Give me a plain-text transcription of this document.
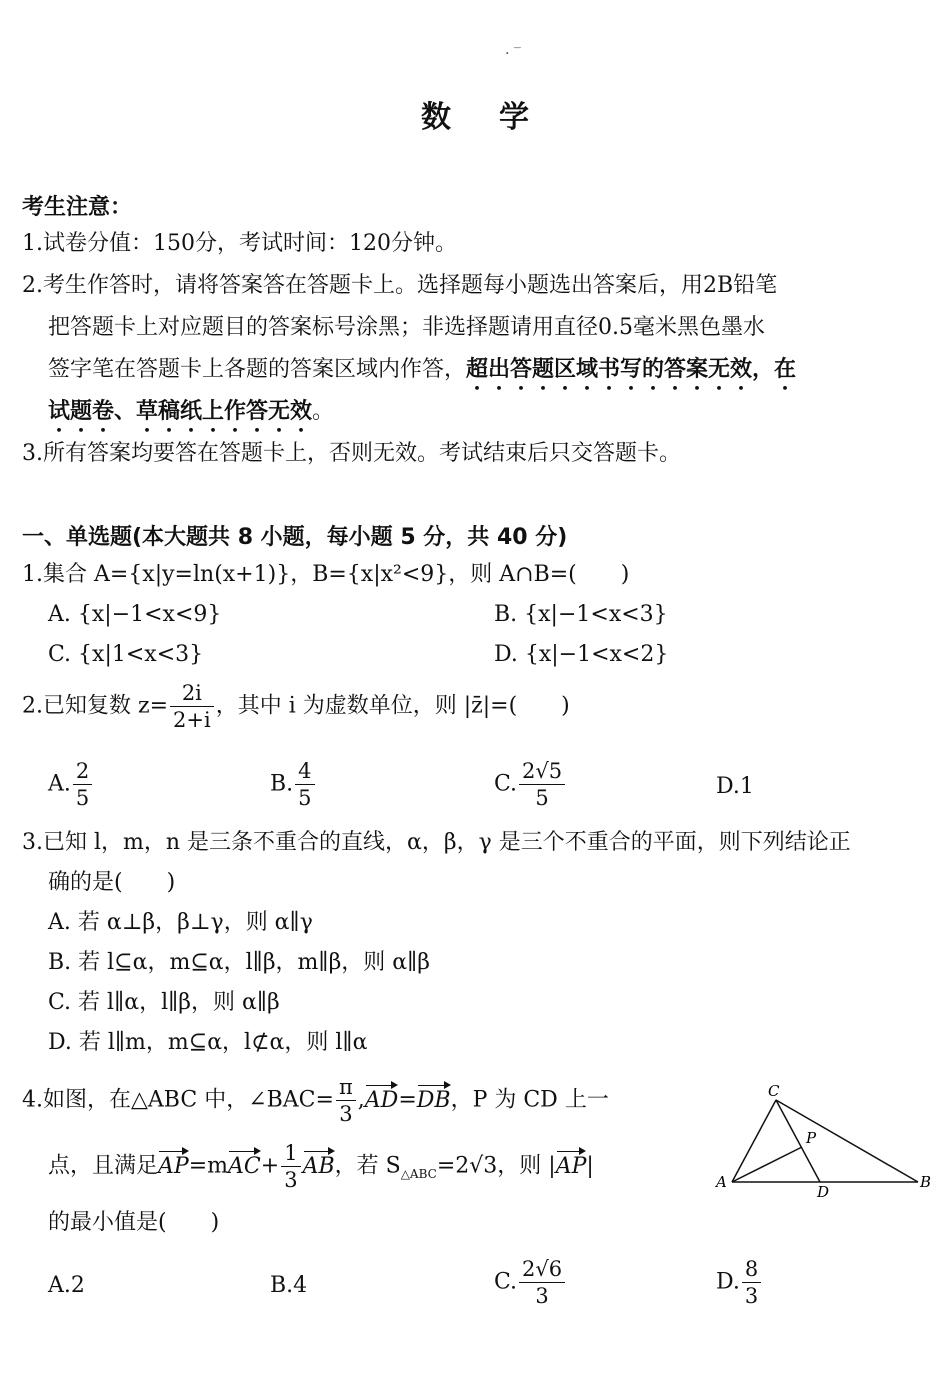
· ‾
数学
考生注意：
1.试卷分值：150分，考试时间：120分钟。
2.考生作答时，请将答案答在答题卡上。选择题每小题选出答案后，用2B铅笔
把答题卡上对应题目的答案标号涂黑；非选择题请用直径0.5毫米黑色墨水
签字笔在答题卡上各题的答案区域内作答，超出答题区域书写的答案无效，在
试题卷、草稿纸上作答无效。
3.所有答案均要答在答题卡上，否则无效。考试结束后只交答题卡。
一、单选题(本大题共 8 小题，每小题 5 分，共 40 分)
1.集合 A={x|y=ln(x+1)}，B={x|x²<9}，则 A∩B=(　　)
A. {x|−1<x<9}	B. {x|−1<x<3}
C. {x|1<x<3}	D. {x|−1<x<2}
2.已知复数 $z= \frac{2i}{2+i}$ ，其中 i 为虚数单位，则 |z̄|=(　　)
A. $\frac{2}{5}$	B. $\frac{4}{5}$	C. $\frac{2√5}{5}$	D.1
3.已知 l，m，n 是三条不重合的直线，α，β，γ 是三个不重合的平面，则下列结论正
确的是(　　)
A. 若 α⊥β，β⊥γ，则 α∥γ
B. 若 l⊆α，m⊆α，l∥β，m∥β，则 α∥β
C. 若 l∥α，l∥β，则 α∥β
D. 若 l∥m，m⊆α，l⊄α，则 l∥α
4.如图，在△ABC 中，∠BAC= $\frac{\pi}{3} ,AD=DB$，P 为 CD 上一
点，且满足$AP=mAC+ \frac{1}{3}$ AB，若 $S_{\triangle ABC}=2√3$，则 |AP|
的最小值是(　　)
A.2	B.4	C. $\frac{2√6}{3}$	D. $\frac{8}{3}$
C
A	B
D
P
